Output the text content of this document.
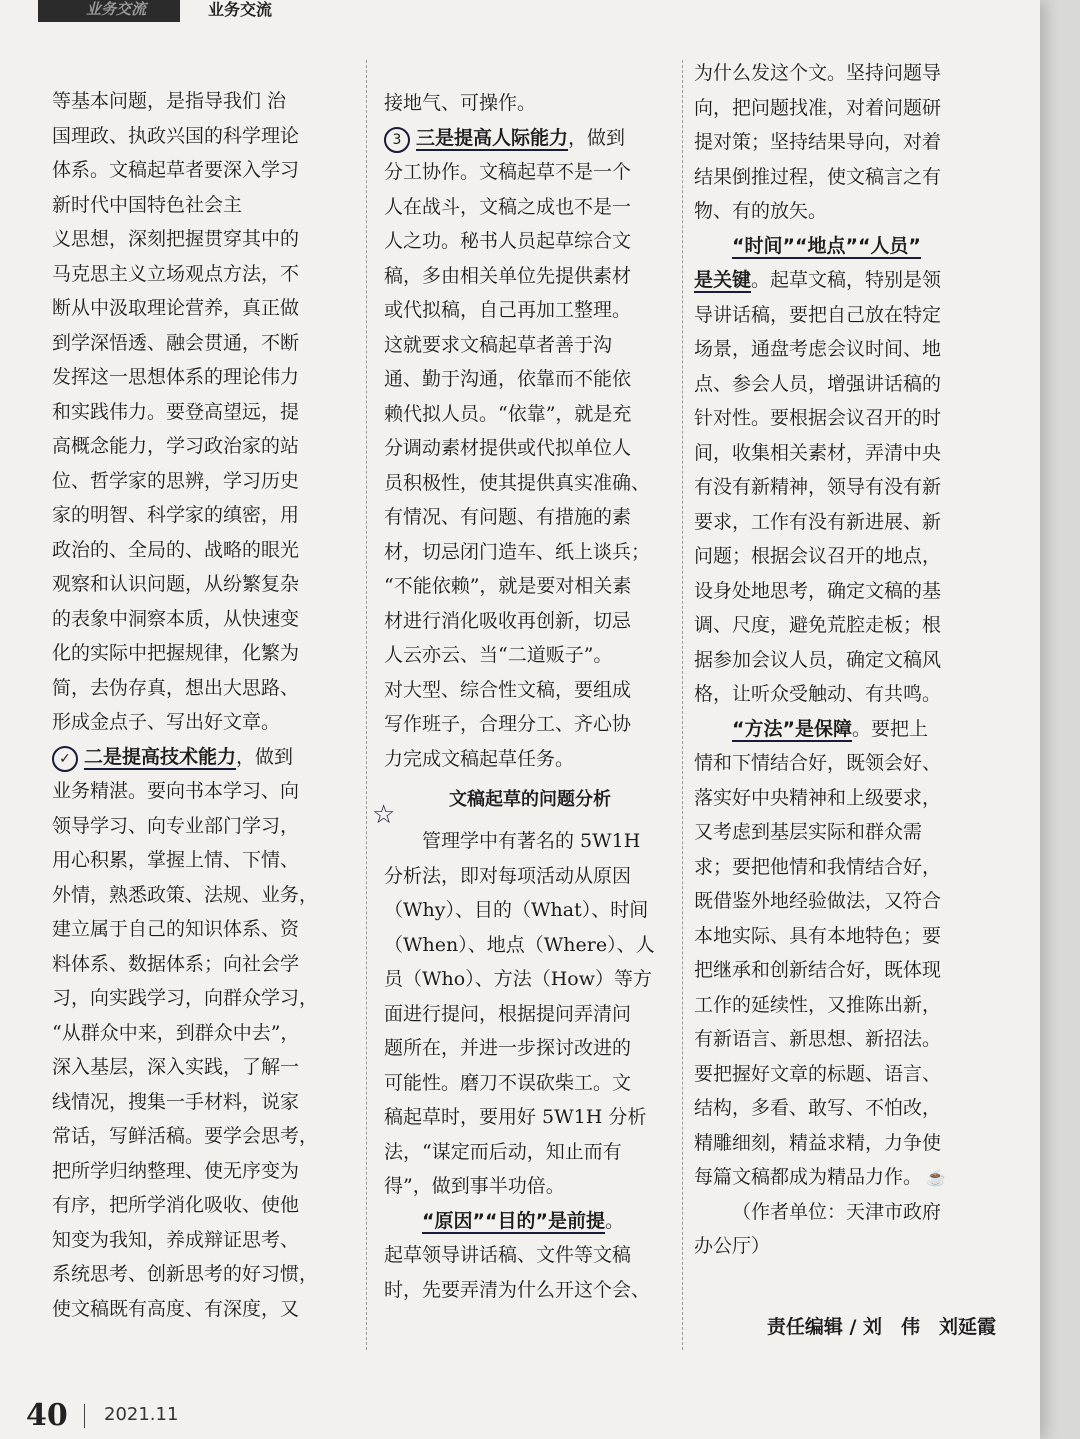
业务交流	业务交流
等基本问题，是指导我们 治
国理政、执政兴国的科学理论
体系。文稿起草者要深入学习
新时代中国特色社会主
义思想，深刻把握贯穿其中的
马克思主义立场观点方法，不
断从中汲取理论营养，真正做
到学深悟透、融会贯通，不断
发挥这一思想体系的理论伟力
和实践伟力。要登高望远，提
高概念能力，学习政治家的站
位、哲学家的思辨，学习历史
家的明智、科学家的缜密，用
政治的、全局的、战略的眼光
观察和认识问题，从纷繁复杂
的表象中洞察本质，从快速变
化的实际中把握规律，化繁为
简，去伪存真，想出大思路、
形成金点子、写出好文章。
✓ 二是提高技术能力，做到
业务精湛。要向书本学习、向
领导学习、向专业部门学习，
用心积累，掌握上情、下情、
外情，熟悉政策、法规、业务，
建立属于自己的知识体系、资
料体系、数据体系；向社会学
习，向实践学习，向群众学习，
“从群众中来，到群众中去”，
深入基层，深入实践，了解一
线情况，搜集一手材料，说家
常话，写鲜活稿。要学会思考，
把所学归纳整理、使无序变为
有序，把所学消化吸收、使他
知变为我知，养成辩证思考、
系统思考、创新思考的好习惯，
使文稿既有高度、有深度，又
接地气、可操作。
3 三是提高人际能力，做到
分工协作。文稿起草不是一个
人在战斗，文稿之成也不是一
人之功。秘书人员起草综合文
稿，多由相关单位先提供素材
或代拟稿，自己再加工整理。
这就要求文稿起草者善于沟
通、勤于沟通，依靠而不能依
赖代拟人员。“依靠”，就是充
分调动素材提供或代拟单位人
员积极性，使其提供真实准确、
有情况、有问题、有措施的素
材，切忌闭门造车、纸上谈兵；
“不能依赖”，就是要对相关素
材进行消化吸收再创新，切忌
人云亦云、当“二道贩子”。
对大型、综合性文稿，要组成
写作班子，合理分工、齐心协
力完成文稿起草任务。
文稿起草的问题分析
管理学中有著名的 5W1H
分析法，即对每项活动从原因
（Why）、目的（What）、时间
（When）、地点（Where）、人
员（Who）、方法（How）等方
面进行提问，根据提问弄清问
题所在，并进一步探讨改进的
可能性。磨刀不误砍柴工。文
稿起草时，要用好 5W1H 分析
法，“谋定而后动，知止而有
得”，做到事半功倍。
“原因”“目的”是前提。
起草领导讲话稿、文件等文稿
时，先要弄清为什么开这个会、
☆
为什么发这个文。坚持问题导
向，把问题找准，对着问题研
提对策；坚持结果导向，对着
结果倒推过程，使文稿言之有
物、有的放矢。
“时间”“地点”“人员”
是关键。起草文稿，特别是领
导讲话稿，要把自己放在特定
场景，通盘考虑会议时间、地
点、参会人员，增强讲话稿的
针对性。要根据会议召开的时
间，收集相关素材，弄清中央
有没有新精神，领导有没有新
要求，工作有没有新进展、新
问题；根据会议召开的地点，
设身处地思考，确定文稿的基
调、尺度，避免荒腔走板；根
据参加会议人员，确定文稿风
格，让听众受触动、有共鸣。
“方法”是保障。要把上
情和下情结合好，既领会好、
落实好中央精神和上级要求，
又考虑到基层实际和群众需
求；要把他情和我情结合好，
既借鉴外地经验做法，又符合
本地实际、具有本地特色；要
把继承和创新结合好，既体现
工作的延续性，又推陈出新，
有新语言、新思想、新招法。
要把握好文章的标题、语言、
结构，多看、敢写、不怕改，
精雕细刻，精益求精，力争使
每篇文稿都成为精品力作。 ☕
（作者单位：天津市政府
办公厅）
责任编辑 / 刘　伟　刘延霞
40 2021.11
